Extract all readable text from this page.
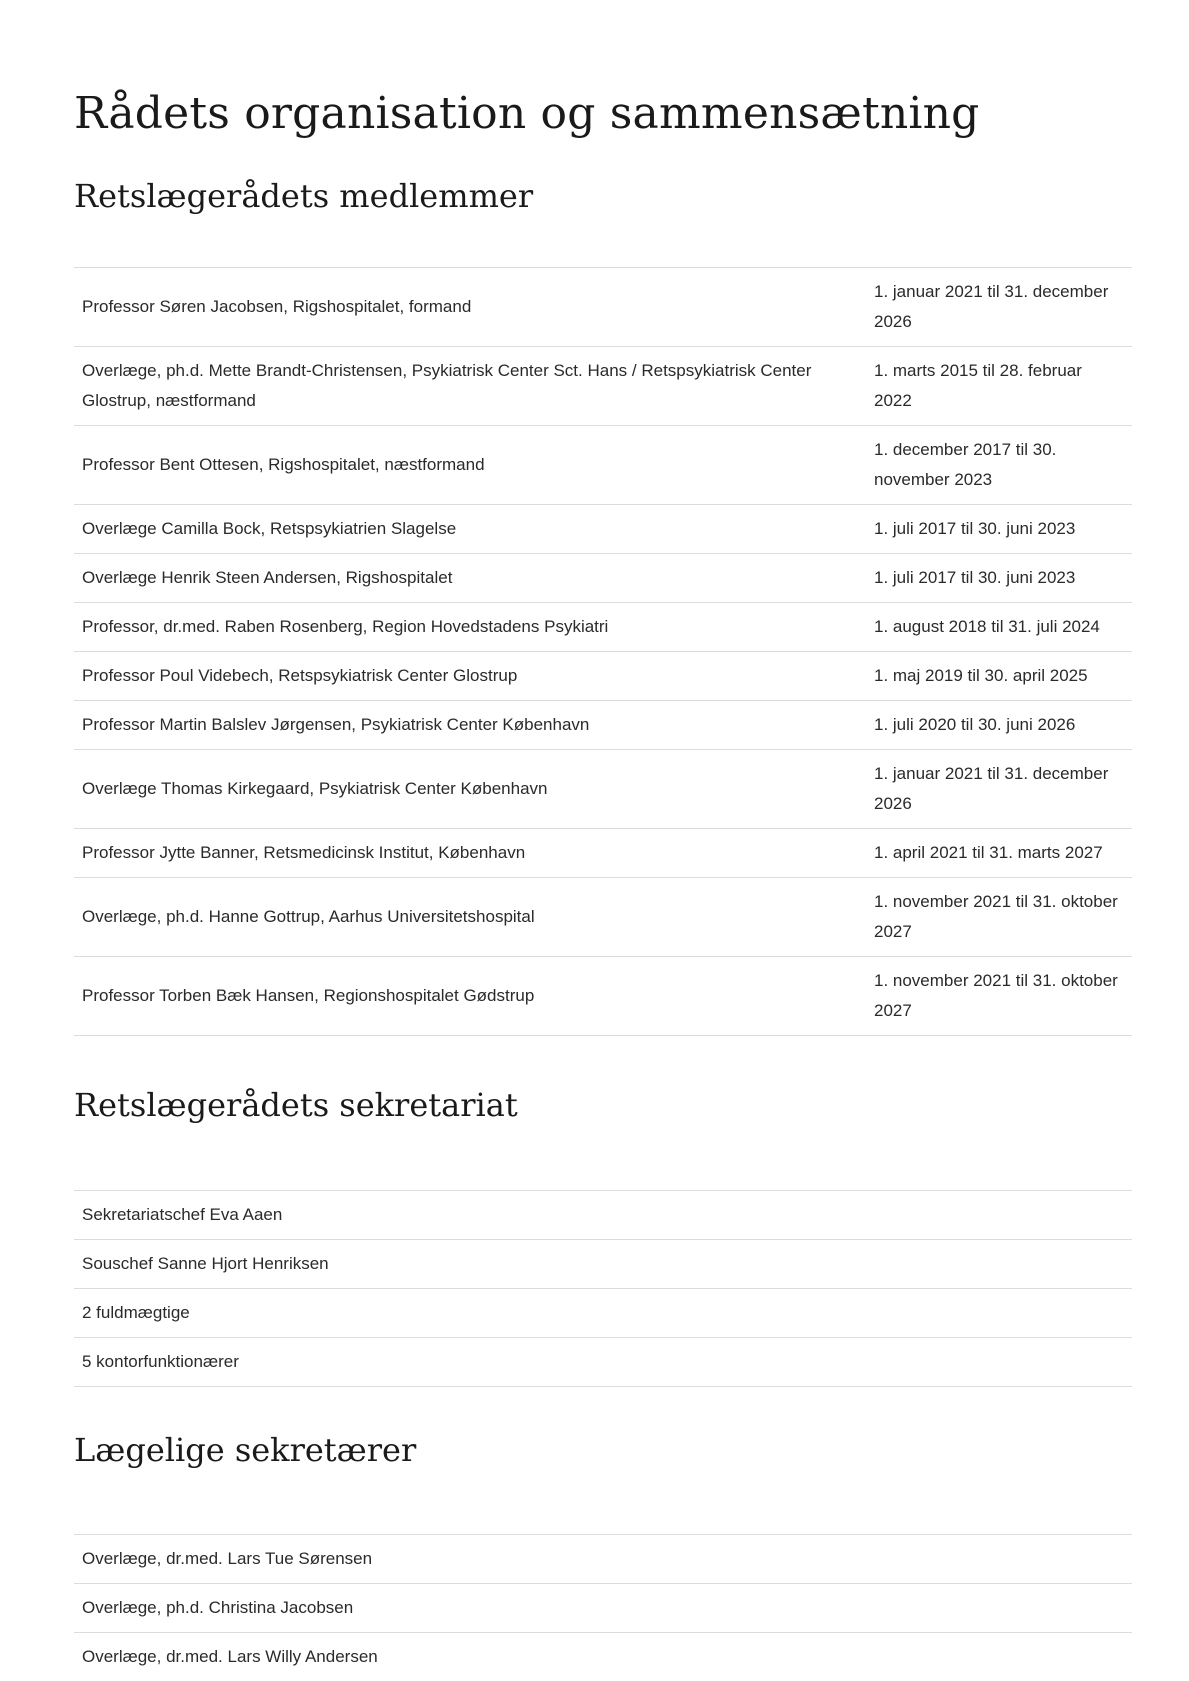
Rådets organisation og sammensætning
Retslægerådets medlemmer
Professor Søren Jacobsen, Rigshospitalet, formand	1. januar 2021 til 31. december 2026
Overlæge, ph.d. Mette Brandt-Christensen, Psykiatrisk Center Sct. Hans / Retspsykiatrisk Center Glostrup, næstformand	1. marts 2015 til 28. februar 2022
Professor Bent Ottesen, Rigshospitalet, næstformand	1. december 2017 til 30. november 2023
Overlæge Camilla Bock, Retspsykiatrien Slagelse	1. juli 2017 til 30. juni 2023
Overlæge Henrik Steen Andersen, Rigshospitalet	1. juli 2017 til 30. juni 2023
Professor, dr.med. Raben Rosenberg, Region Hovedstadens Psykiatri	1. august 2018 til 31. juli 2024
Professor Poul Videbech, Retspsykiatrisk Center Glostrup	1. maj 2019 til 30. april 2025
Professor Martin Balslev Jørgensen, Psykiatrisk Center København	1. juli 2020 til 30. juni 2026
Overlæge Thomas Kirkegaard, Psykiatrisk Center København	1. januar 2021 til 31. december 2026
Professor Jytte Banner, Retsmedicinsk Institut, København	1. april 2021 til 31. marts 2027
Overlæge, ph.d. Hanne Gottrup, Aarhus Universitetshospital	1. november 2021 til 31. oktober 2027
Professor Torben Bæk Hansen, Regionshospitalet Gødstrup	1. november 2021 til 31. oktober 2027
Retslægerådets sekretariat
Sekretariatschef Eva Aaen
Souschef Sanne Hjort Henriksen
2 fuldmægtige
5 kontorfunktionærer
Lægelige sekretærer
Overlæge, dr.med. Lars Tue Sørensen
Overlæge, ph.d. Christina Jacobsen
Overlæge, dr.med. Lars Willy Andersen
